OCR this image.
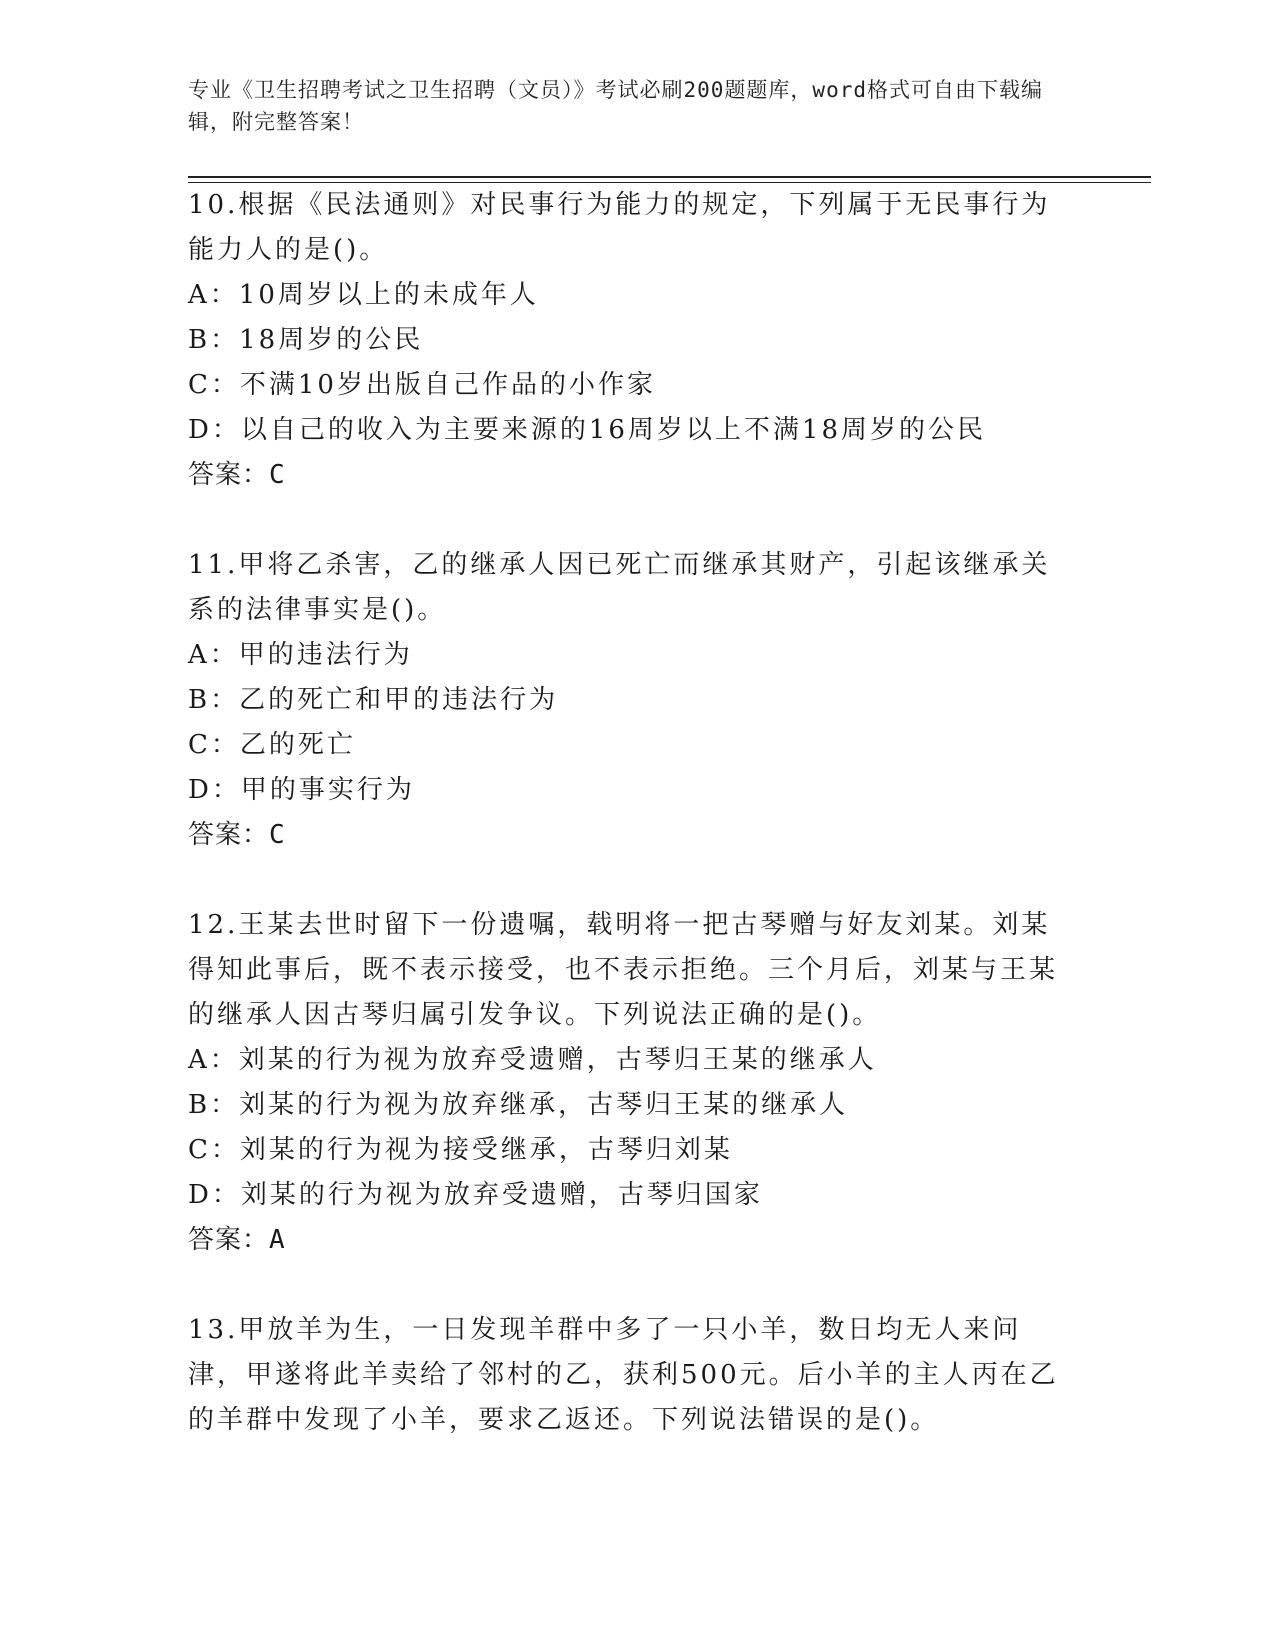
专业《卫生招聘考试之卫生招聘（文员）》考试必刷200题题库，word格式可自由下载编辑，附完整答案！

10.根据《民法通则》对民事行为能力的规定，下列属于无民事行为能力人的是()。

A：10周岁以上的未成年人

B：18周岁的公民

C：不满10岁出版自己作品的小作家

D：以自己的收入为主要来源的16周岁以上不满18周岁的公民

答案：C

11.甲将乙杀害，乙的继承人因已死亡而继承其财产，引起该继承关系的法律事实是()。

A：甲的违法行为

B：乙的死亡和甲的违法行为

C：乙的死亡

D：甲的事实行为

答案：C

12.王某去世时留下一份遗嘱，载明将一把古琴赠与好友刘某。刘某得知此事后，既不表示接受，也不表示拒绝。三个月后，刘某与王某的继承人因古琴归属引发争议。下列说法正确的是()。

A：刘某的行为视为放弃受遗赠，古琴归王某的继承人

B：刘某的行为视为放弃继承，古琴归王某的继承人

C：刘某的行为视为接受继承，古琴归刘某

D：刘某的行为视为放弃受遗赠，古琴归国家

答案：A

13.甲放羊为生，一日发现羊群中多了一只小羊，数日均无人来问津，甲遂将此羊卖给了邻村的乙，获利500元。后小羊的主人丙在乙的羊群中发现了小羊，要求乙返还。下列说法错误的是()。
